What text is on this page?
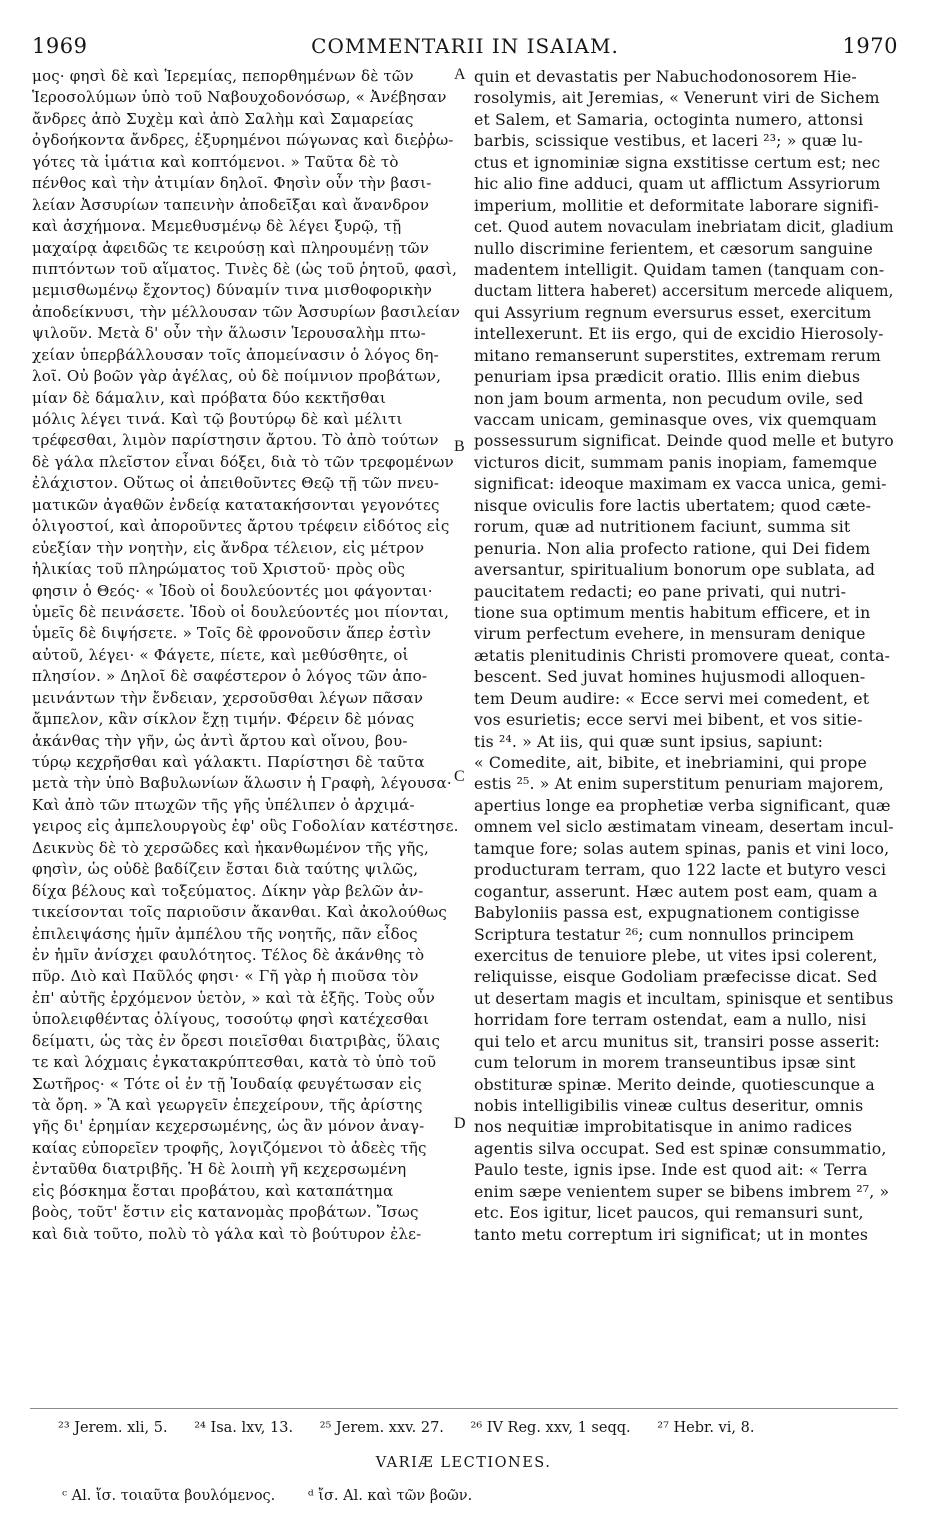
1969	COMMENTARII IN ISAIAM.	1970
μος· φησὶ δὲ καὶ Ἱερεμίας, πεπορθημένων δὲ τῶν
Ἱεροσολύμων ὑπὸ τοῦ Ναβουχοδονόσωρ, « Ἀνέβησαν
ἄνδρες ἀπὸ Συχὲμ καὶ ἀπὸ Σαλὴμ καὶ Σαμαρείας
ὀγδοήκοντα ἄνδρες, ἐξυρημένοι πώγωνας καὶ διεῤῥω-
γότες τὰ ἱμάτια καὶ κοπτόμενοι. » Ταῦτα δὲ τὸ
πένθος καὶ τὴν ἀτιμίαν δηλοῖ. Φησὶν οὖν τὴν βασι-
λείαν Ἀσσυρίων ταπεινὴν ἀποδεῖξαι καὶ ἄνανδρον
καὶ ἀσχήμονα. Μεμεθυσμένῳ δὲ λέγει ξυρῷ, τῇ
μαχαίρᾳ ἀφειδῶς τε κειρούσῃ καὶ πληρουμένῃ τῶν
πιπτόντων τοῦ αἵματος. Τινὲς δὲ (ὡς τοῦ ῥητοῦ, φασὶ,
μεμισθωμένῳ ἔχοντος) δύναμίν τινα μισθοφορικὴν
ἀποδείκνυσι, τὴν μέλλουσαν τῶν Ἀσσυρίων βασιλείαν
ψιλοῦν. Μετὰ δ' οὖν τὴν ἅλωσιν Ἱερουσαλὴμ πτω-
χείαν ὑπερβάλλουσαν τοῖς ἀπομείνασιν ὁ λόγος δη-
λοῖ. Οὐ βοῶν γὰρ ἀγέλας, οὐ δὲ ποίμνιον προβάτων,
μίαν δὲ δάμαλιν, καὶ πρόβατα δύο κεκτῆσθαι
μόλις λέγει τινά. Καὶ τῷ βουτύρῳ δὲ καὶ μέλιτι
τρέφεσθαι, λιμὸν παρίστησιν ἄρτου. Τὸ ἀπὸ τούτων
δὲ γάλα πλεῖστον εἶναι δόξει, διὰ τὸ τῶν τρεφομένων
ἐλάχιστον. Οὕτως οἱ ἀπειθοῦντες Θεῷ τῇ τῶν πνευ-
ματικῶν ἀγαθῶν ἐνδείᾳ κατατακήσονται γεγονότες
ὀλιγοστοί, καὶ ἀποροῦντες ἄρτου τρέφειν εἰδότος εἰς
εὐεξίαν τὴν νοητὴν, εἰς ἄνδρα τέλειον, εἰς μέτρον
ἡλικίας τοῦ πληρώματος τοῦ Χριστοῦ· πρὸς οὓς
φησιν ὁ Θεός· « Ἰδοὺ οἱ δουλεύοντές μοι φάγονται·
ὑμεῖς δὲ πεινάσετε. Ἰδοὺ οἱ δουλεύοντές μοι πίονται,
ὑμεῖς δὲ διψήσετε. » Τοῖς δὲ φρονοῦσιν ἅπερ ἐστὶν
αὐτοῦ, λέγει· « Φάγετε, πίετε, καὶ μεθύσθητε, οἱ
πλησίον. » Δηλοῖ δὲ σαφέστερον ὁ λόγος τῶν ἀπο-
μεινάντων τὴν ἔνδειαν, χερσοῦσθαι λέγων πᾶσαν
ἄμπελον, κἂν σίκλον ἔχῃ τιμήν. Φέρειν δὲ μόνας
ἀκάνθας τὴν γῆν, ὡς ἀντὶ ἄρτου καὶ οἴνου, βου-
τύρῳ κεχρῆσθαι καὶ γάλακτι. Παρίστησι δὲ ταῦτα
μετὰ τὴν ὑπὸ Βαβυλωνίων ἅλωσιν ἡ Γραφὴ, λέγουσα·
Καὶ ἀπὸ τῶν πτωχῶν τῆς γῆς ὑπέλιπεν ὁ ἀρχιμά-
γειρος εἰς ἀμπελουργοὺς ἐφ' οὓς Γοδολίαν κατέστησε.
Δεικνὺς δὲ τὸ χερσῶδες καὶ ἠκανθωμένον τῆς γῆς,
φησὶν, ὡς οὐδὲ βαδίζειν ἔσται διὰ ταύτης ψιλῶς,
δίχα βέλους καὶ τοξεύματος. Δίκην γὰρ βελῶν ἀν-
τικείσονται τοῖς παριοῦσιν ἄκανθαι. Καὶ ἀκολούθως
ἐπιλειψάσης ἡμῖν ἀμπέλου τῆς νοητῆς, πᾶν εἶδος
ἐν ἡμῖν ἀνίσχει φαυλότητος. Τέλος δὲ ἀκάνθης τὸ
πῦρ. Διὸ καὶ Παῦλός φησι· « Γῆ γὰρ ἡ πιοῦσα τὸν
ἐπ' αὐτῆς ἐρχόμενον ὑετὸν, » καὶ τὰ ἑξῆς. Τοὺς οὖν
ὑπολειφθέντας ὀλίγους, τοσούτῳ φησὶ κατέχεσθαι
δείματι, ὡς τὰς ἐν ὄρεσι ποιεῖσθαι διατριβὰς, ὕλαις
τε καὶ λόχμαις ἐγκατακρύπτεσθαι, κατὰ τὸ ὑπὸ τοῦ
Σωτῆρος· « Τότε οἱ ἐν τῇ Ἰουδαίᾳ φευγέτωσαν εἰς
τὰ ὄρη. » Ἃ καὶ γεωργεῖν ἐπεχείρουν, τῆς ἀρίστης
γῆς δι' ἐρημίαν κεχερσωμένης, ὡς ἂν μόνον ἀναγ-
καίας εὐπορεῖεν τροφῆς, λογιζόμενοι τὸ ἀδεὲς τῆς
ἐνταῦθα διατριβῆς. Ἡ δὲ λοιπὴ γῆ κεχερσωμένη
εἰς βόσκημα ἔσται προβάτου, καὶ καταπάτημα
βοὸς, τοῦτ' ἔστιν εἰς κατανομὰς προβάτων. Ἴσως
καὶ διὰ τοῦτο, πολὺ τὸ γάλα καὶ τὸ βούτυρον ἐλε-
quin et devastatis per Nabuchodonosorem Hie-
rosolymis, ait Jeremias, « Venerunt viri de Sichem
et Salem, et Samaria, octoginta numero, attonsi
barbis, scissique vestibus, et laceri ²³; » quæ lu-
ctus et ignominiæ signa exstitisse certum est; nec
hic alio fine adduci, quam ut afflictum Assyriorum
imperium, mollitie et deformitate laborare signifi-
cet. Quod autem novaculam inebriatam dicit, gladium
nullo discrimine ferientem, et cæsorum sanguine
madentem intelligit. Quidam tamen (tanquam con-
ductam littera haberet) accersitum mercede aliquem,
qui Assyrium regnum eversurus esset, exercitum
intellexerunt. Et iis ergo, qui de excidio Hierosoly-
mitano remanserunt superstites, extremam rerum
penuriam ipsa prædicit oratio. Illis enim diebus
non jam boum armenta, non pecudum ovile, sed
vaccam unicam, geminasque oves, vix quemquam
possessurum significat. Deinde quod melle et butyro
victuros dicit, summam panis inopiam, famemque
significat: ideoque maximam ex vacca unica, gemi-
nisque oviculis fore lactis ubertatem; quod cæte-
rorum, quæ ad nutritionem faciunt, summa sit
penuria. Non alia profecto ratione, qui Dei fidem
aversantur, spiritualium bonorum ope sublata, ad
paucitatem redacti; eo pane privati, qui nutri-
tione sua optimum mentis habitum efficere, et in
virum perfectum evehere, in mensuram denique
ætatis plenitudinis Christi promovere queat, conta-
bescent. Sed juvat homines hujusmodi alloquen-
tem Deum audire: « Ecce servi mei comedent, et
vos esurietis; ecce servi mei bibent, et vos sitie-
tis ²⁴. » At iis, qui quæ sunt ipsius, sapiunt:
« Comedite, ait, bibite, et inebriamini, qui prope
estis ²⁵. » At enim superstitum penuriam majorem,
apertius longe ea prophetiæ verba significant, quæ
omnem vel siclo æstimatam vineam, desertam incul-
tamque fore; solas autem spinas, panis et vini loco,
producturam terram, quo 122 lacte et butyro vesci
cogantur, asserunt. Hæc autem post eam, quam a
Babyloniis passa est, expugnationem contigisse
Scriptura testatur ²⁶; cum nonnullos principem
exercitus de tenuiore plebe, ut vites ipsi colerent,
reliquisse, eisque Godoliam præfecisse dicat. Sed
ut desertam magis et incultam, spinisque et sentibus
horridam fore terram ostendat, eam a nullo, nisi
qui telo et arcu munitus sit, transiri posse asserit:
cum telorum in morem transeuntibus ipsæ sint
obstituræ spinæ. Merito deinde, quotiescunque a
nobis intelligibilis vineæ cultus deseritur, omnis
nos nequitiæ improbitatisque in animo radices
agentis silva occupat. Sed est spinæ consummatio,
Paulo teste, ignis ipse. Inde est quod ait: « Terra
enim sæpe venientem super se bibens imbrem ²⁷, »
etc. Eos igitur, licet paucos, qui remansuri sunt,
tanto metu correptum iri significat; ut in montes
A
B
C
D
²³ Jerem. xli, 5. ²⁴ Isa. lxv, 13. ²⁵ Jerem. xxv. 27. ²⁶ IV Reg. xxv, 1 seqq. ²⁷ Hebr. vi, 8.
VARIÆ LECTIONES.
ᶜ Al. ἴσ. τοιαῦτα βουλόμενος. ᵈ ἴσ. Al. καὶ τῶν βοῶν.
